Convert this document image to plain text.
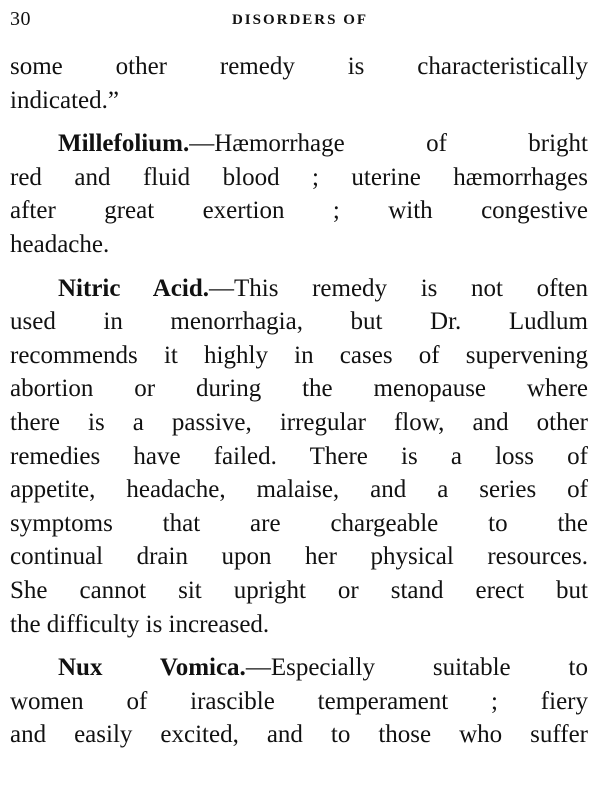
30	DISORDERS OF
some other remedy is characteristically
indicated.”
Millefolium.—Hæmorrhage of bright
red and fluid blood ; uterine hæmorrhages
after great exertion ; with congestive
headache.
Nitric Acid.—This remedy is not often
used in menorrhagia, but Dr. Ludlum
recommends it highly in cases of supervening
abortion or during the menopause where
there is a passive, irregular flow, and other
remedies have failed. There is a loss of
appetite, headache, malaise, and a series of
symptoms that are chargeable to the
continual drain upon her physical resources.
She cannot sit upright or stand erect but
the difficulty is increased.
Nux Vomica.—Especially suitable to
women of irascible temperament ; fiery
and easily excited, and to those who suffer
